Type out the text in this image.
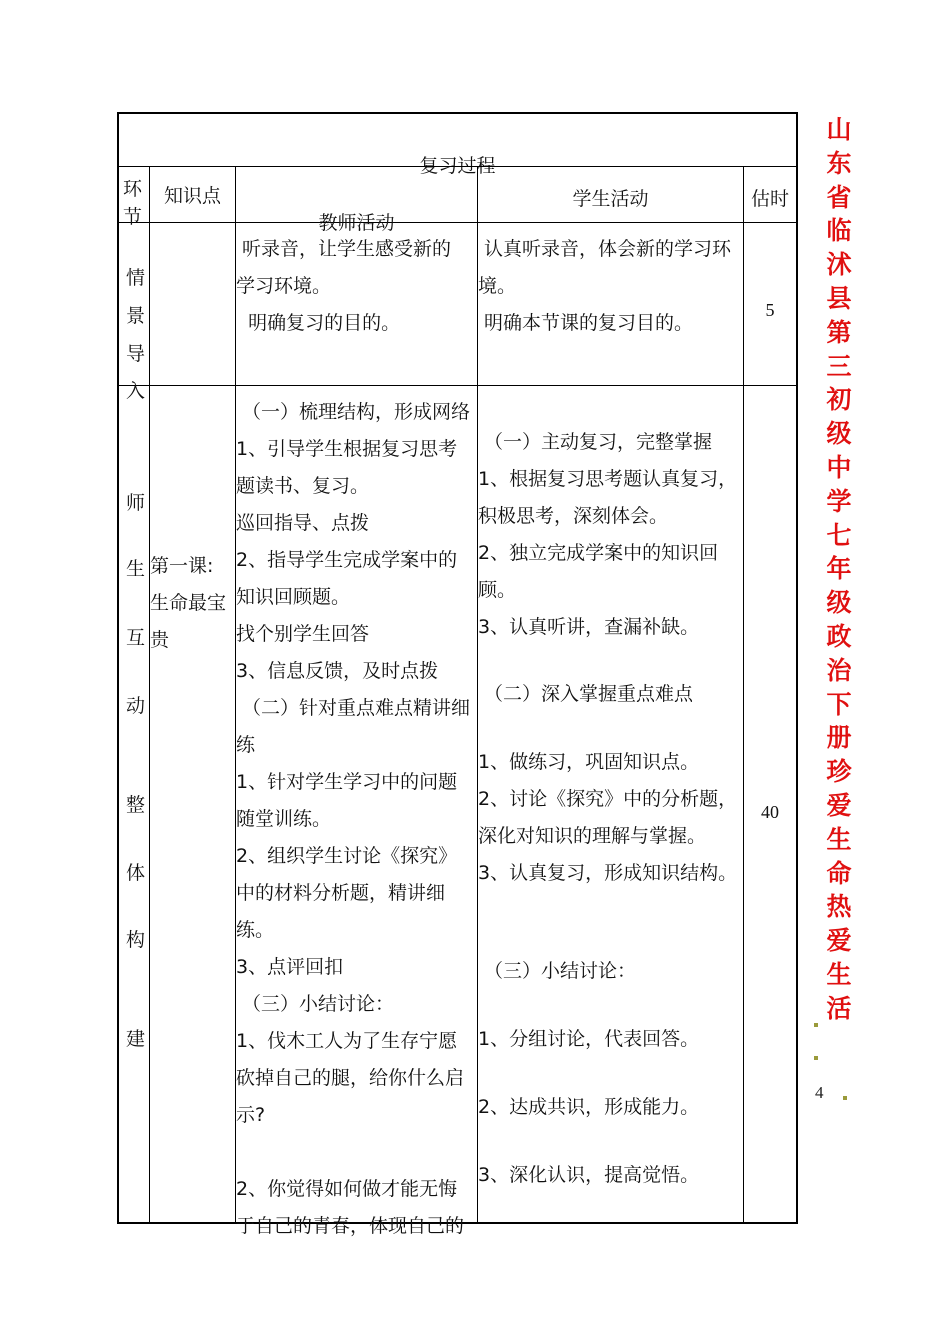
复习过程
环节
知识点
教师活动
学生活动	估时
情
景
导
入
听录音，让学生感受新的
学习环境。
明确复习的目的。
认真听录音，体会新的学习环
境。
明确本节课的复习目的。
5
师
生
互
动
整
体
构
建
第一课:
生命最宝
贵
（一）梳理结构，形成网络
1、引导学生根据复习思考
题读书、复习。
巡回指导、点拨
2、指导学生完成学案中的
知识回顾题。
找个别学生回答
3、信息反馈，及时点拨
（二）针对重点难点精讲细
练
1、针对学生学习中的问题
随堂训练。
2、组织学生讨论《探究》
中的材料分析题，精讲细
练。
3、点评回扣
（三）小结讨论：
1、伐木工人为了生存宁愿
砍掉自己的腿，给你什么启
示?
2、你觉得如何做才能无悔
于自己的青春，体现自己的
（一）主动复习，完整掌握
1、根据复习思考题认真复习，
积极思考，深刻体会。
2、独立完成学案中的知识回
顾。
3、认真听讲，查漏补缺。
（二）深入掌握重点难点
1、做练习，巩固知识点。
2、讨论《探究》中的分析题，
深化对知识的理解与掌握。
3、认真复习，形成知识结构。
（三）小结讨论：
1、分组讨论，代表回答。
2、达成共识，形成能力。
3、深化认识，提高觉悟。
40
山
东
省
临
沭
县
第
三
初
级
中
学
七
年
级
政
治
下
册
珍
爱
生
命
热
爱
生
活
4
